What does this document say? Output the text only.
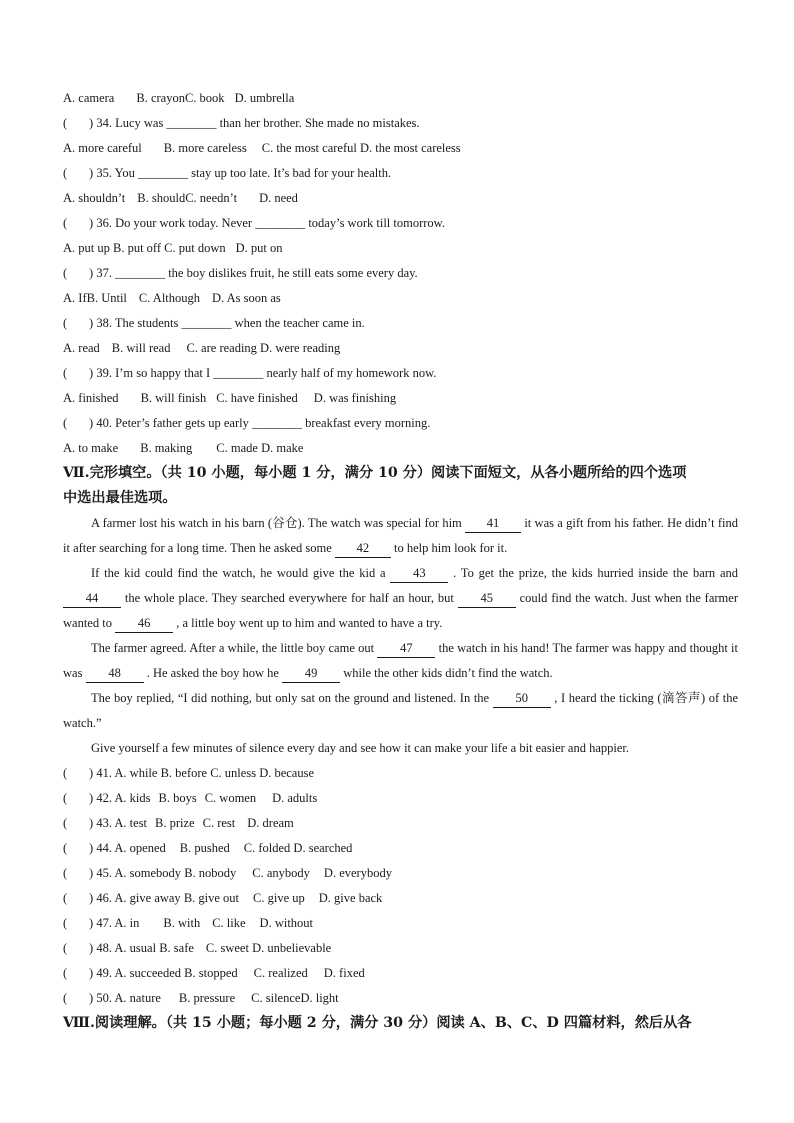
A. camera B. crayonC. book D. umbrella
(       ) 34. Lucy was ________ than her brother. She made no mistakes.
A. more careful B. more careless C. the most careful D. the most careless
(       ) 35. You ________ stay up too late. It’s bad for your health.
A. shouldn’t B. shouldC. needn’t D. need
(       ) 36. Do your work today. Never ________ today’s work till tomorrow.
A. put up B. put off C. put down D. put on
(       ) 37. ________ the boy dislikes fruit, he still eats some every day.
A. IfB. Until C. Although D. As soon as
(       ) 38. The students ________ when the teacher came in.
A. read B. will read C. are reading D. were reading
(       ) 39. I’m so happy that I ________ nearly half of my homework now.
A. finished B. will finish C. have finished D. was finishing
(       ) 40. Peter’s father gets up early ________ breakfast every morning.
A. to make B. making C. made D. make
Ⅶ.完形填空。（共 10 小题，每小题 1 分，满分 10 分）阅读下面短文，从各小题所给的四个选项
中选出最佳选项。
A farmer lost his watch in his barn (谷仓). The watch was special for him 41 it was a gift from his father. He didn’t find it after searching for a long time. Then he asked some 42 to help him look for it.
If the kid could find the watch, he would give the kid a 43 . To get the prize, the kids hurried inside the barn and 44 the whole place. They searched everywhere for half an hour, but 45 could find the watch. Just when the farmer wanted to 46 , a little boy went up to him and wanted to have a try.
The farmer agreed. After a while, the little boy came out 47 the watch in his hand! The farmer was happy and thought it was 48 . He asked the boy how he 49 while the other kids didn’t find the watch.
The boy replied, “I did nothing, but only sat on the ground and listened. In the 50 , I heard the ticking (滴答声) of the watch.”
Give yourself a few minutes of silence every day and see how it can make your life a bit easier and happier.
(       ) 41. A. while B. before C. unless D. because
(       ) 42. A. kids B. boys C. women D. adults
(       ) 43. A. test B. prize C. rest D. dream
(       ) 44. A. opened B. pushed C. folded D. searched
(       ) 45. A. somebody B. nobody C. anybody D. everybody
(       ) 46. A. give away B. give out C. give up D. give back
(       ) 47. A. in B. with C. like D. without
(       ) 48. A. usual B. safe C. sweet D. unbelievable
(       ) 49. A. succeeded B. stopped C. realized D. fixed
(       ) 50. A. nature B. pressure C. silenceD. light
Ⅷ.阅读理解。（共 15 小题；每小题 2 分，满分 30 分）阅读 A、B、C、D 四篇材料，然后从各
